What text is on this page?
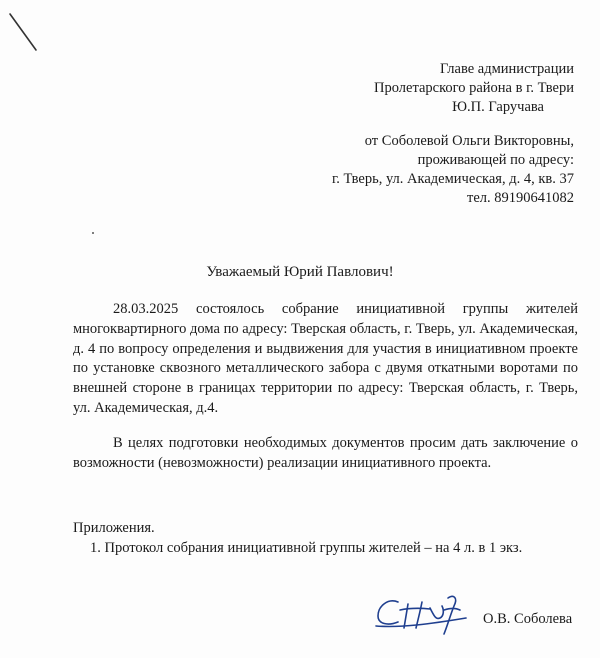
Главе администрации
Пролетарского района в г. Твери
Ю.П. Гаручава
от Соболевой Ольги Викторовны,
проживающей по адресу:
г. Тверь, ул. Академическая, д. 4, кв. 37
тел. 89190641082
Уважаемый Юрий Павлович!
28.03.2025 состоялось собрание инициативной группы жителей многоквартирного дома по адресу: Тверская область, г. Тверь, ул. Академическая, д. 4 по вопросу определения и выдвижения для участия в инициативном проекте по установке сквозного металлического забора с двумя откатными воротами по внешней стороне в границах территории по адресу: Тверская область, г. Тверь, ул. Академическая, д.4.
В целях подготовки необходимых документов просим дать заключение о возможности (невозможности) реализации инициативного проекта.
Приложения.
1. Протокол собрания инициативной группы жителей – на 4 л. в 1 экз.
О.В. Соболева
